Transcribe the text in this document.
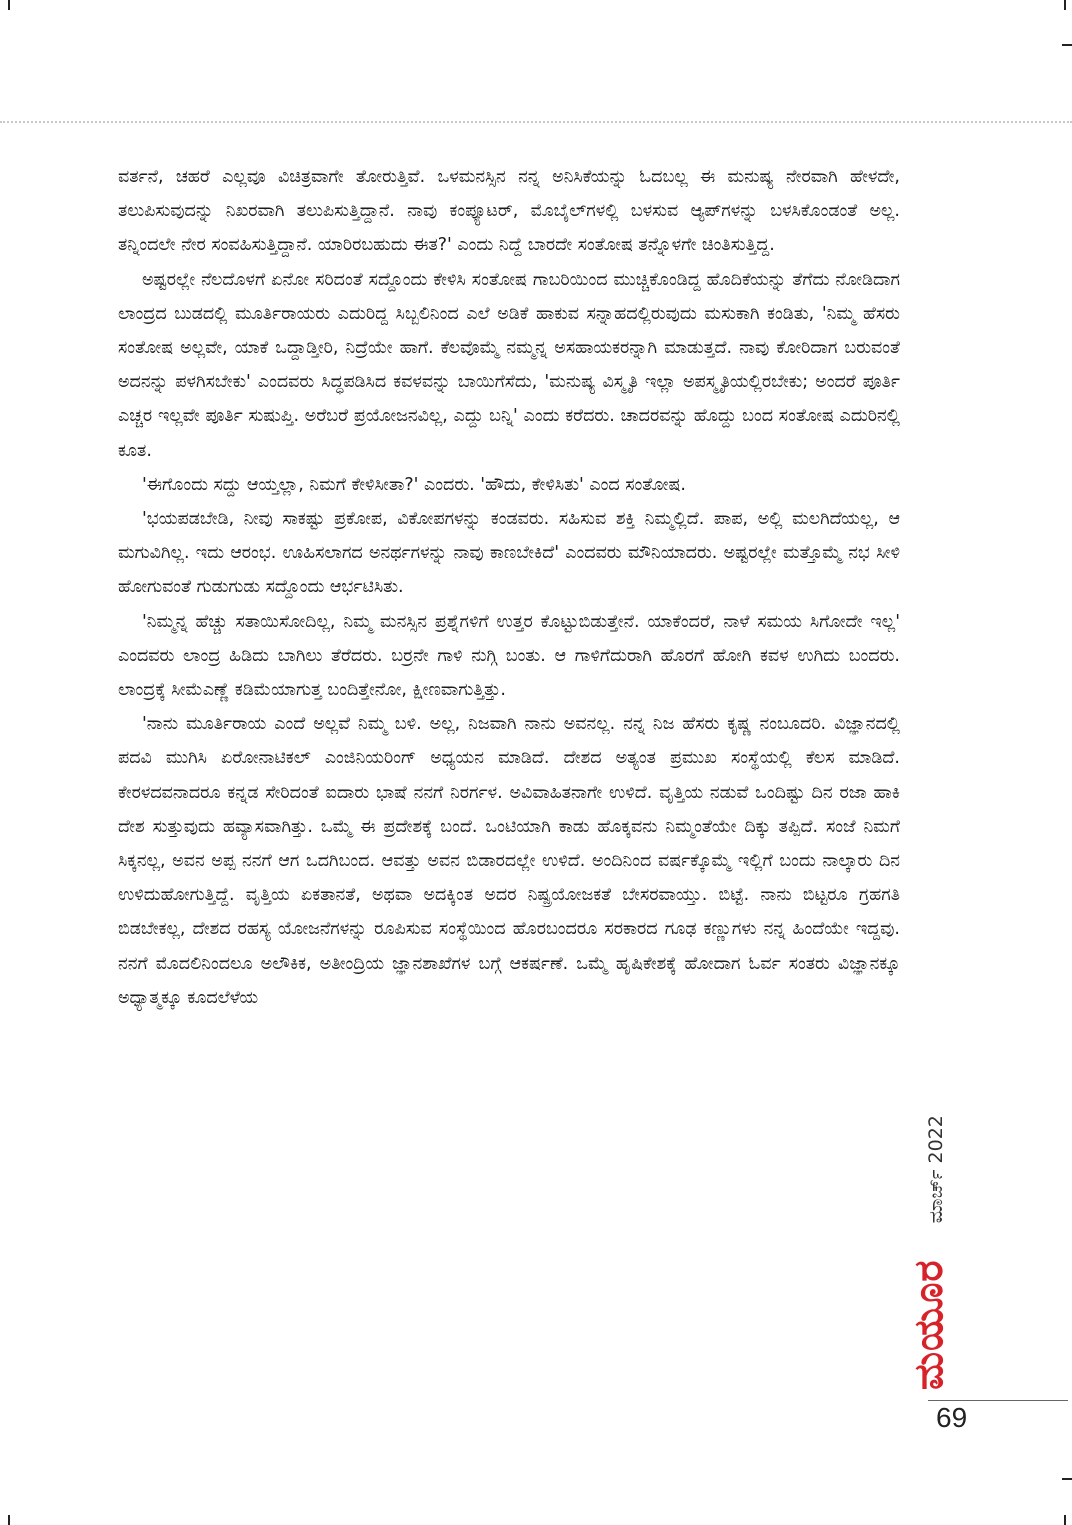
ವರ್ತನೆ, ಚಹರೆ ಎಲ್ಲವೂ ವಿಚಿತ್ರವಾಗೇ ತೋರುತ್ತಿವೆ. ಒಳಮನಸ್ಸಿನ ನನ್ನ ಅನಿಸಿಕೆಯನ್ನು ಓದಬಲ್ಲ ಈ ಮನುಷ್ಯ ನೇರವಾಗಿ ಹೇಳದೇ, ತಲುಪಿಸುವುದನ್ನು ನಿಖರವಾಗಿ ತಲುಪಿಸುತ್ತಿದ್ದಾನೆ. ನಾವು ಕಂಪ್ಯೂಟರ್, ಮೊಬೈಲ್‌ಗಳಲ್ಲಿ ಬಳಸುವ ಆ್ಯಪ್‌ಗಳನ್ನು ಬಳಸಿಕೊಂಡಂತೆ ಅಲ್ಲ. ತನ್ನಿಂದಲೇ ನೇರ ಸಂವಹಿಸುತ್ತಿದ್ದಾನೆ. ಯಾರಿರಬಹುದು ಈತ?' ಎಂದು ನಿದ್ದೆ ಬಾರದೇ ಸಂತೋಷ ತನ್ನೊಳಗೇ ಚಿಂತಿಸುತ್ತಿದ್ದ.

ಅಷ್ಟರಲ್ಲೇ ನೆಲದೊಳಗೆ ಏನೋ ಸರಿದಂತೆ ಸದ್ದೊಂದು ಕೇಳಿಸಿ ಸಂತೋಷ ಗಾಬರಿಯಿಂದ ಮುಚ್ಚಿಕೊಂಡಿದ್ದ ಹೊದಿಕೆಯನ್ನು ತೆಗೆದು ನೋಡಿದಾಗ ಲಾಂದ್ರದ ಬುಡದಲ್ಲಿ ಮೂರ್ತಿರಾಯರು ಎದುರಿದ್ದ ಸಿಬ್ಬಲಿನಿಂದ ಎಲೆ ಅಡಿಕೆ ಹಾಕುವ ಸನ್ನಾಹದಲ್ಲಿರುವುದು ಮಸುಕಾಗಿ ಕಂಡಿತು, 'ನಿಮ್ಮ ಹೆಸರು ಸಂತೋಷ ಅಲ್ಲವೇ, ಯಾಕೆ ಒದ್ದಾಡ್ತೀರಿ, ನಿದ್ರೆಯೇ ಹಾಗೆ. ಕೆಲವೊಮ್ಮೆ ನಮ್ಮನ್ನ ಅಸಹಾಯಕರನ್ನಾಗಿ ಮಾಡುತ್ತದೆ. ನಾವು ಕೋರಿದಾಗ ಬರುವಂತೆ ಅದನನ್ನು ಪಳಗಿಸಬೇಕು' ಎಂದವರು ಸಿದ್ಧಪಡಿಸಿದ ಕವಳವನ್ನು ಬಾಯಿಗೆಸೆದು, 'ಮನುಷ್ಯ ವಿಸ್ಮೃತಿ ಇಲ್ಲಾ ಅಪಸ್ಮೃತಿಯಲ್ಲಿರಬೇಕು; ಅಂದರೆ ಪೂರ್ತಿ ಎಚ್ಚರ ಇಲ್ಲವೇ ಪೂರ್ತಿ ಸುಷುಪ್ತಿ. ಅರೆಬರೆ ಪ್ರಯೋಜನವಿಲ್ಲ, ಎದ್ದು ಬನ್ನಿ' ಎಂದು ಕರೆದರು. ಚಾದರವನ್ನು ಹೊದ್ದು ಬಂದ ಸಂತೋಷ ಎದುರಿನಲ್ಲಿ ಕೂತ.

'ಈಗೊಂದು ಸದ್ದು ಆಯ್ತಲ್ಲಾ, ನಿಮಗೆ ಕೇಳಿಸೀತಾ?' ಎಂದರು. 'ಹೌದು, ಕೇಳಿಸಿತು' ಎಂದ ಸಂತೋಷ.

'ಭಯಪಡಬೇಡಿ, ನೀವು ಸಾಕಷ್ಟು ಪ್ರಕೋಪ, ವಿಕೋಪಗಳನ್ನು ಕಂಡವರು. ಸಹಿಸುವ ಶಕ್ತಿ ನಿಮ್ಮಲ್ಲಿದೆ. ಪಾಪ, ಅಲ್ಲಿ ಮಲಗಿದೆಯಲ್ಲ, ಆ ಮಗುವಿಗಿಲ್ಲ. ಇದು ಆರಂಭ. ಊಹಿಸಲಾಗದ ಅನರ್ಥಗಳನ್ನು ನಾವು ಕಾಣಬೇಕಿದೆ' ಎಂದವರು ಮೌನಿಯಾದರು. ಅಷ್ಟರಲ್ಲೇ ಮತ್ತೊಮ್ಮೆ ನಭ ಸೀಳಿ ಹೋಗುವಂತೆ ಗುಡುಗುಡು ಸದ್ದೊಂದು ಆರ್ಭಟಿಸಿತು.

'ನಿಮ್ಮನ್ನ ಹೆಚ್ಚು ಸತಾಯಿಸೋದಿಲ್ಲ, ನಿಮ್ಮ ಮನಸ್ಸಿನ ಪ್ರಶ್ನೆಗಳಿಗೆ ಉತ್ತರ ಕೊಟ್ಟುಬಿಡುತ್ತೇನೆ. ಯಾಕೆಂದರೆ, ನಾಳೆ ಸಮಯ ಸಿಗೋದೇ ಇಲ್ಲ' ಎಂದವರು ಲಾಂದ್ರ ಹಿಡಿದು ಬಾಗಿಲು ತೆರೆದರು. ಬರ್ರನೇ ಗಾಳಿ ನುಗ್ಗಿ ಬಂತು. ಆ ಗಾಳಿಗೆದುರಾಗಿ ಹೊರಗೆ ಹೋಗಿ ಕವಳ ಉಗಿದು ಬಂದರು. ಲಾಂದ್ರಕ್ಕೆ ಸೀಮೆಎಣ್ಣೆ ಕಡಿಮೆಯಾಗುತ್ತ ಬಂದಿತ್ತೇನೋ, ಕ್ಷೀಣವಾಗುತ್ತಿತ್ತು.

'ನಾನು ಮೂರ್ತಿರಾಯ ಎಂದೆ ಅಲ್ಲವೆ ನಿಮ್ಮ ಬಳಿ. ಅಲ್ಲ, ನಿಜವಾಗಿ ನಾನು ಅವನಲ್ಲ. ನನ್ನ ನಿಜ ಹೆಸರು ಕೃಷ್ಣ ನಂಬೂದರಿ. ವಿಜ್ಞಾನದಲ್ಲಿ ಪದವಿ ಮುಗಿಸಿ ಏರೋನಾಟಿಕಲ್ ಎಂಜಿನಿಯರಿಂಗ್ ಅಧ್ಯಯನ ಮಾಡಿದೆ. ದೇಶದ ಅತ್ಯಂತ ಪ್ರಮುಖ ಸಂಸ್ಥೆಯಲ್ಲಿ ಕೆಲಸ ಮಾಡಿದೆ. ಕೇರಳದವನಾದರೂ ಕನ್ನಡ ಸೇರಿದಂತೆ ಐದಾರು ಭಾಷೆ ನನಗೆ ನಿರರ್ಗಳ. ಅವಿವಾಹಿತನಾಗೇ ಉಳಿದೆ. ವೃತ್ತಿಯ ನಡುವೆ ಒಂದಿಷ್ಟು ದಿನ ರಜಾ ಹಾಕಿ ದೇಶ ಸುತ್ತುವುದು ಹವ್ಯಾಸವಾಗಿತ್ತು. ಒಮ್ಮೆ ಈ ಪ್ರದೇಶಕ್ಕೆ ಬಂದೆ. ಒಂಟಿಯಾಗಿ ಕಾಡು ಹೊಕ್ಕವನು ನಿಮ್ಮಂತೆಯೇ ದಿಕ್ಕು ತಪ್ಪಿದೆ. ಸಂಜೆ ನಿಮಗೆ ಸಿಕ್ಕನಲ್ಲ, ಅವನ ಅಪ್ಪ ನನಗೆ ಆಗ ಒದಗಿಬಂದ. ಆವತ್ತು ಅವನ ಬಿಡಾರದಲ್ಲೇ ಉಳಿದೆ. ಅಂದಿನಿಂದ ವರ್ಷಕ್ಕೊಮ್ಮೆ ಇಲ್ಲಿಗೆ ಬಂದು ನಾಲ್ಕಾರು ದಿನ ಉಳಿದುಹೋಗುತ್ತಿದ್ದೆ. ವೃತ್ತಿಯ ಏಕತಾನತೆ, ಅಥವಾ ಅದಕ್ಕಿಂತ ಅದರ ನಿಷ್ಪ್ರಯೋಜಕತೆ ಬೇಸರವಾಯ್ತು. ಬಿಟ್ಟೆ. ನಾನು ಬಿಟ್ಟರೂ ಗ್ರಹಗತಿ ಬಿಡಬೇಕಲ್ಲ, ದೇಶದ ರಹಸ್ಯ ಯೋಜನೆಗಳನ್ನು ರೂಪಿಸುವ ಸಂಸ್ಥೆಯಿಂದ ಹೊರಬಂದರೂ ಸರಕಾರದ ಗೂಢ ಕಣ್ಣುಗಳು ನನ್ನ ಹಿಂದೆಯೇ ಇದ್ದವು. ನನಗೆ ಮೊದಲಿನಿಂದಲೂ ಅಲೌಕಿಕ, ಅತೀಂದ್ರಿಯ ಜ್ಞಾನಶಾಖೆಗಳ ಬಗ್ಗೆ ಆಕರ್ಷಣೆ. ಒಮ್ಮೆ ಹೃಷಿಕೇಶಕ್ಕೆ ಹೋದಾಗ ಓರ್ವ ಸಂತರು ವಿಜ್ಞಾನಕ್ಕೂ ಅಧ್ಯಾತ್ಮಕ್ಕೂ ಕೂದಲೆಳೆಯ

ಮಯೂರ  ಮಾರ್ಚ್ 2022
69
